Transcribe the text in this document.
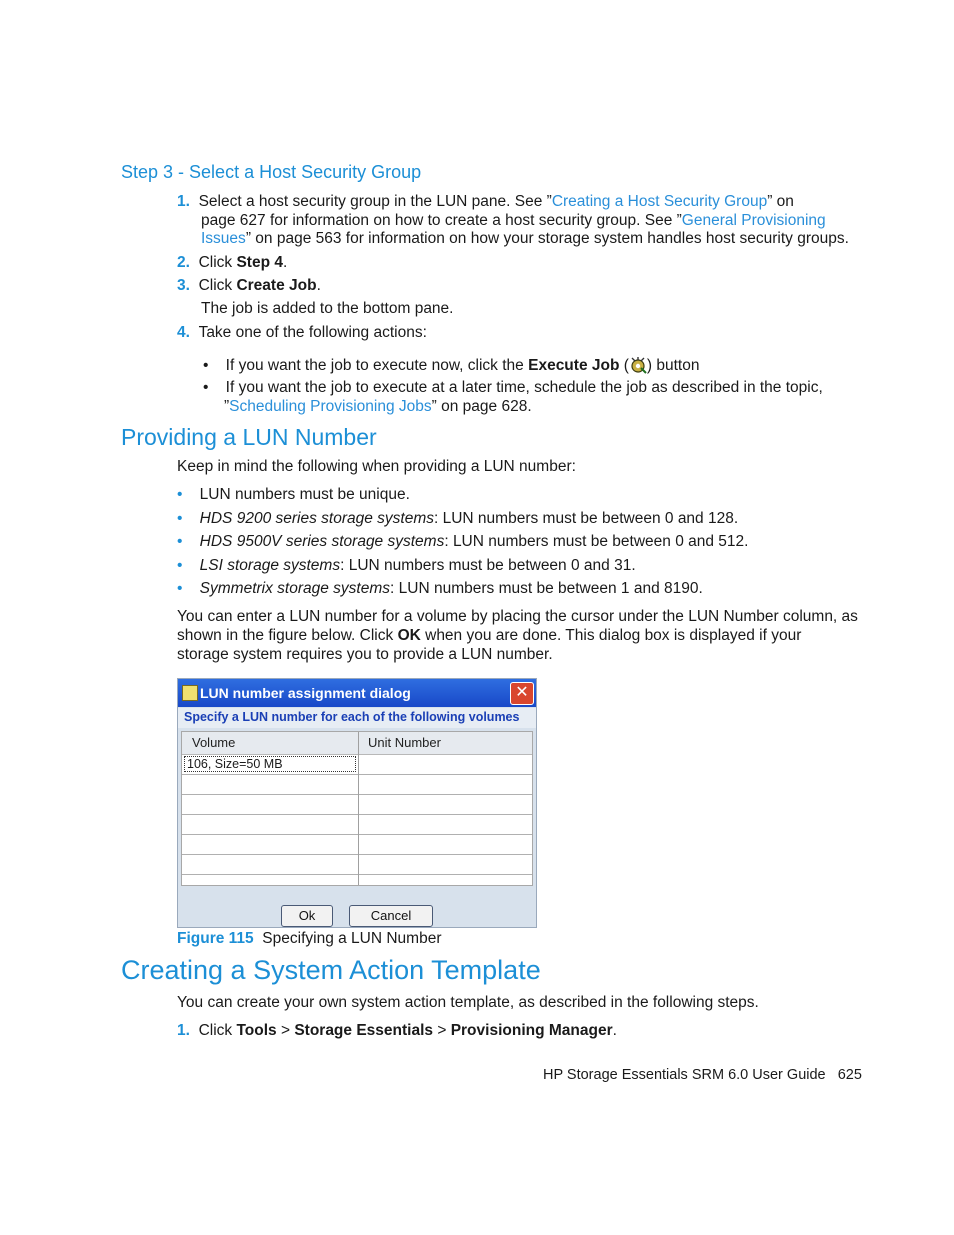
Step 3 - Select a Host Security Group
1. Select a host security group in the LUN pane. See ”Creating a Host Security Group” on
page 627 for information on how to create a host security group. See ”General Provisioning
Issues” on page 563 for information on how your storage system handles host security groups.
2. Click Step 4.
3. Click Create Job.
The job is added to the bottom pane.
4. Take one of the following actions:
• If you want the job to execute now, click the Execute Job ( ) button
• If you want the job to execute at a later time, schedule the job as described in the topic,
”Scheduling Provisioning Jobs” on page 628.
Providing a LUN Number
Keep in mind the following when providing a LUN number:
• LUN numbers must be unique.
• HDS 9200 series storage systems: LUN numbers must be between 0 and 128.
• HDS 9500V series storage systems: LUN numbers must be between 0 and 512.
• LSI storage systems: LUN numbers must be between 0 and 31.
• Symmetrix storage systems: LUN numbers must be between 1 and 8190.
You can enter a LUN number for a volume by placing the cursor under the LUN Number column, as
shown in the figure below. Click OK when you are done. This dialog box is displayed if your
storage system requires you to provide a LUN number.
LUN number assignment dialog	✕
Specify a LUN number for each of the following volumes
Volume	Unit Number
106, Size=50 MB
Ok	Cancel
Figure 115  Specifying a LUN Number
Creating a System Action Template
You can create your own system action template, as described in the following steps.
1. Click Tools > Storage Essentials > Provisioning Manager.
HP Storage Essentials SRM 6.0 User Guide 625
